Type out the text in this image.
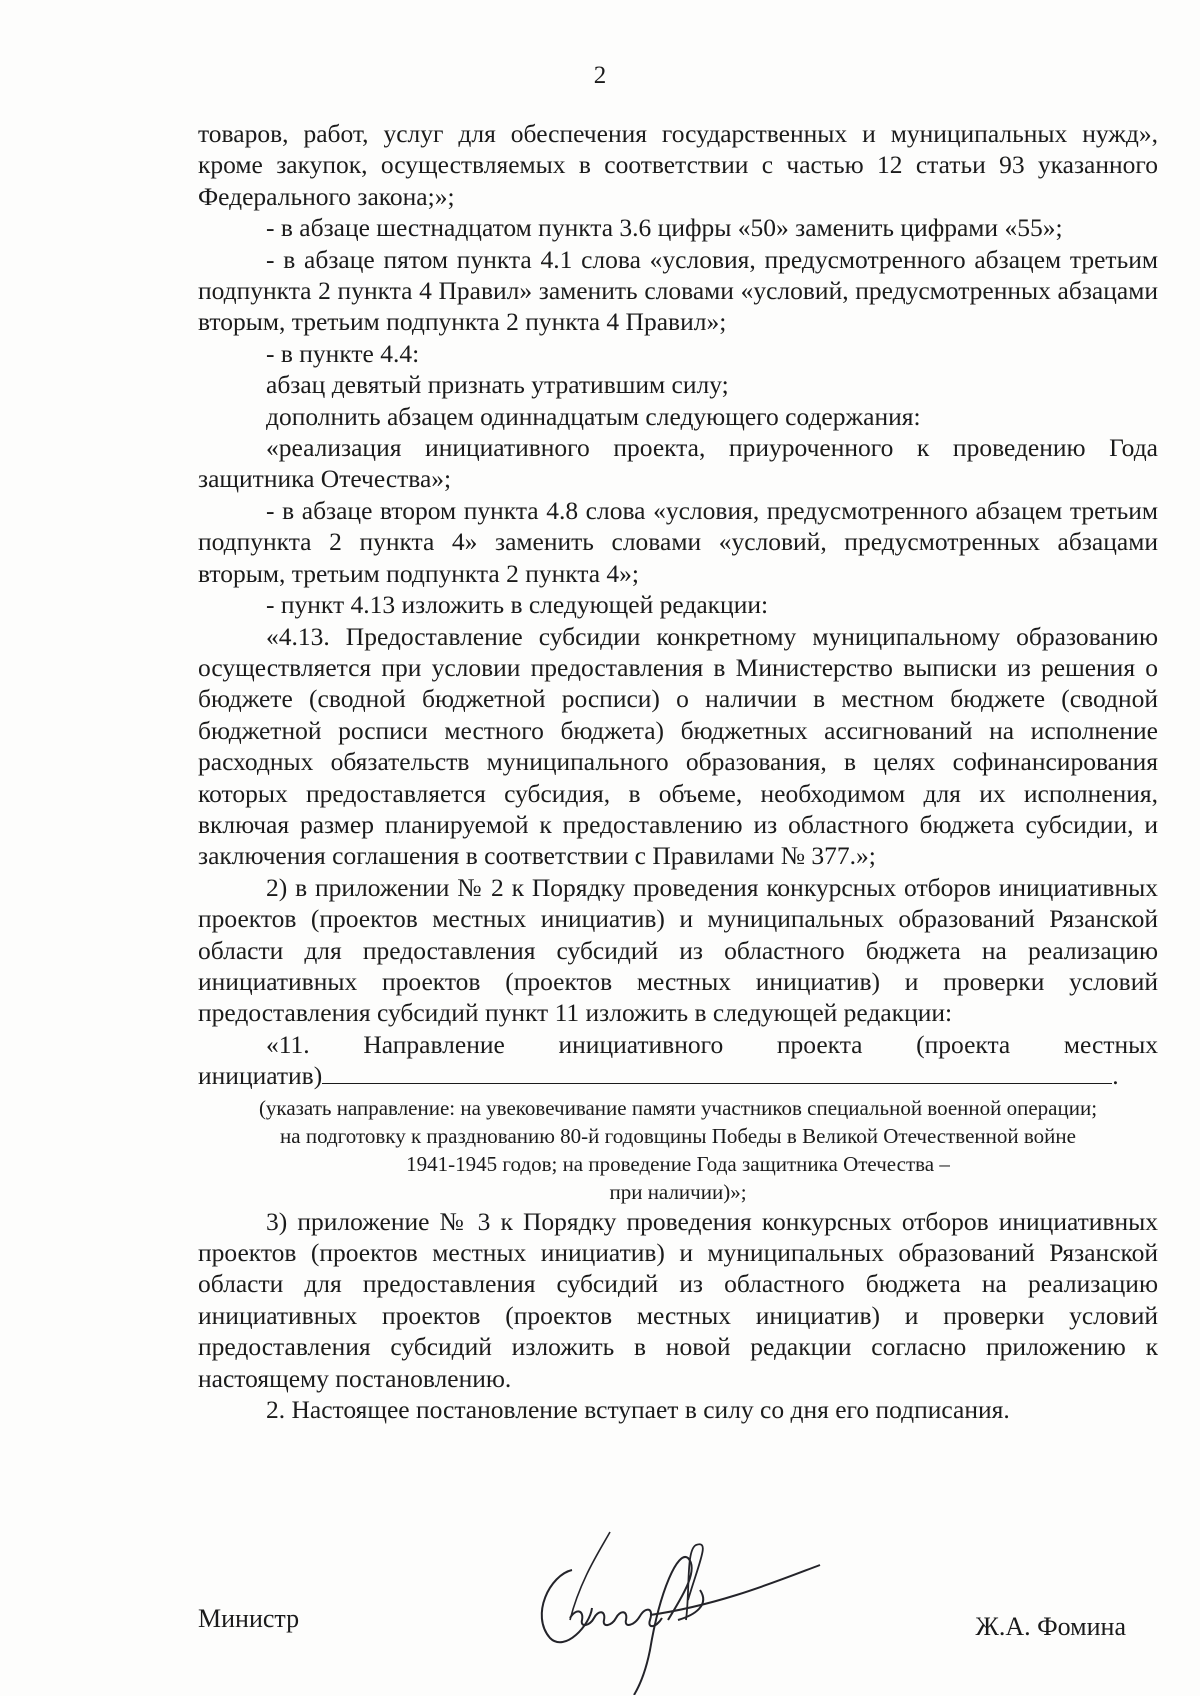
2

товаров, работ, услуг для обеспечения государственных и муниципальных нужд», кроме закупок, осуществляемых в соответствии с частью 12 статьи 93 указанного Федерального закона;»;

- в абзаце шестнадцатом пункта 3.6 цифры «50» заменить цифрами «55»;

- в абзаце пятом пункта 4.1 слова «условия, предусмотренного абзацем третьим подпункта 2 пункта 4 Правил» заменить словами «условий, предусмотренных абзацами вторым, третьим подпункта 2 пункта 4 Правил»;

- в пункте 4.4:

абзац девятый признать утратившим силу;

дополнить абзацем одиннадцатым следующего содержания:

«реализация инициативного проекта, приуроченного к проведению Года защитника Отечества»;

- в абзаце втором пункта 4.8 слова «условия, предусмотренного абзацем третьим подпункта 2 пункта 4» заменить словами «условий, предусмотренных абзацами вторым, третьим подпункта 2 пункта 4»;

- пункт 4.13 изложить в следующей редакции:

«4.13. Предоставление субсидии конкретному муниципальному образованию осуществляется при условии предоставления в Министерство выписки из решения о бюджете (сводной бюджетной росписи) о наличии в местном бюджете (сводной бюджетной росписи местного бюджета) бюджетных ассигнований на исполнение расходных обязательств муниципального образования, в целях софинансирования которых предоставляется субсидия, в объеме, необходимом для их исполнения, включая размер планируемой к предоставлению из областного бюджета субсидии, и заключения соглашения в соответствии с Правилами № 377.»;

2) в приложении № 2 к Порядку проведения конкурсных отборов инициативных проектов (проектов местных инициатив) и муниципальных образований Рязанской области для предоставления субсидий из областного бюджета на реализацию инициативных проектов (проектов местных инициатив) и проверки условий предоставления субсидий пункт 11 изложить в следующей редакции:

«11. Направление инициативного проекта (проекта местных

инициатив)	.

(указать направление: на увековечивание памяти участников специальной военной операции;
на подготовку к празднованию 80-й годовщины Победы в Великой Отечественной войне
1941-1945 годов; на проведение Года защитника Отечества –
при наличии)»;

3) приложение № 3 к Порядку проведения конкурсных отборов инициативных проектов (проектов местных инициатив) и муниципальных образований Рязанской области для предоставления субсидий из областного бюджета на реализацию инициативных проектов (проектов местных инициатив) и проверки условий предоставления субсидий изложить в новой редакции согласно приложению к настоящему постановлению.

2. Настоящее постановление вступает в силу со дня его подписания.

Министр	Ж.А. Фомина
